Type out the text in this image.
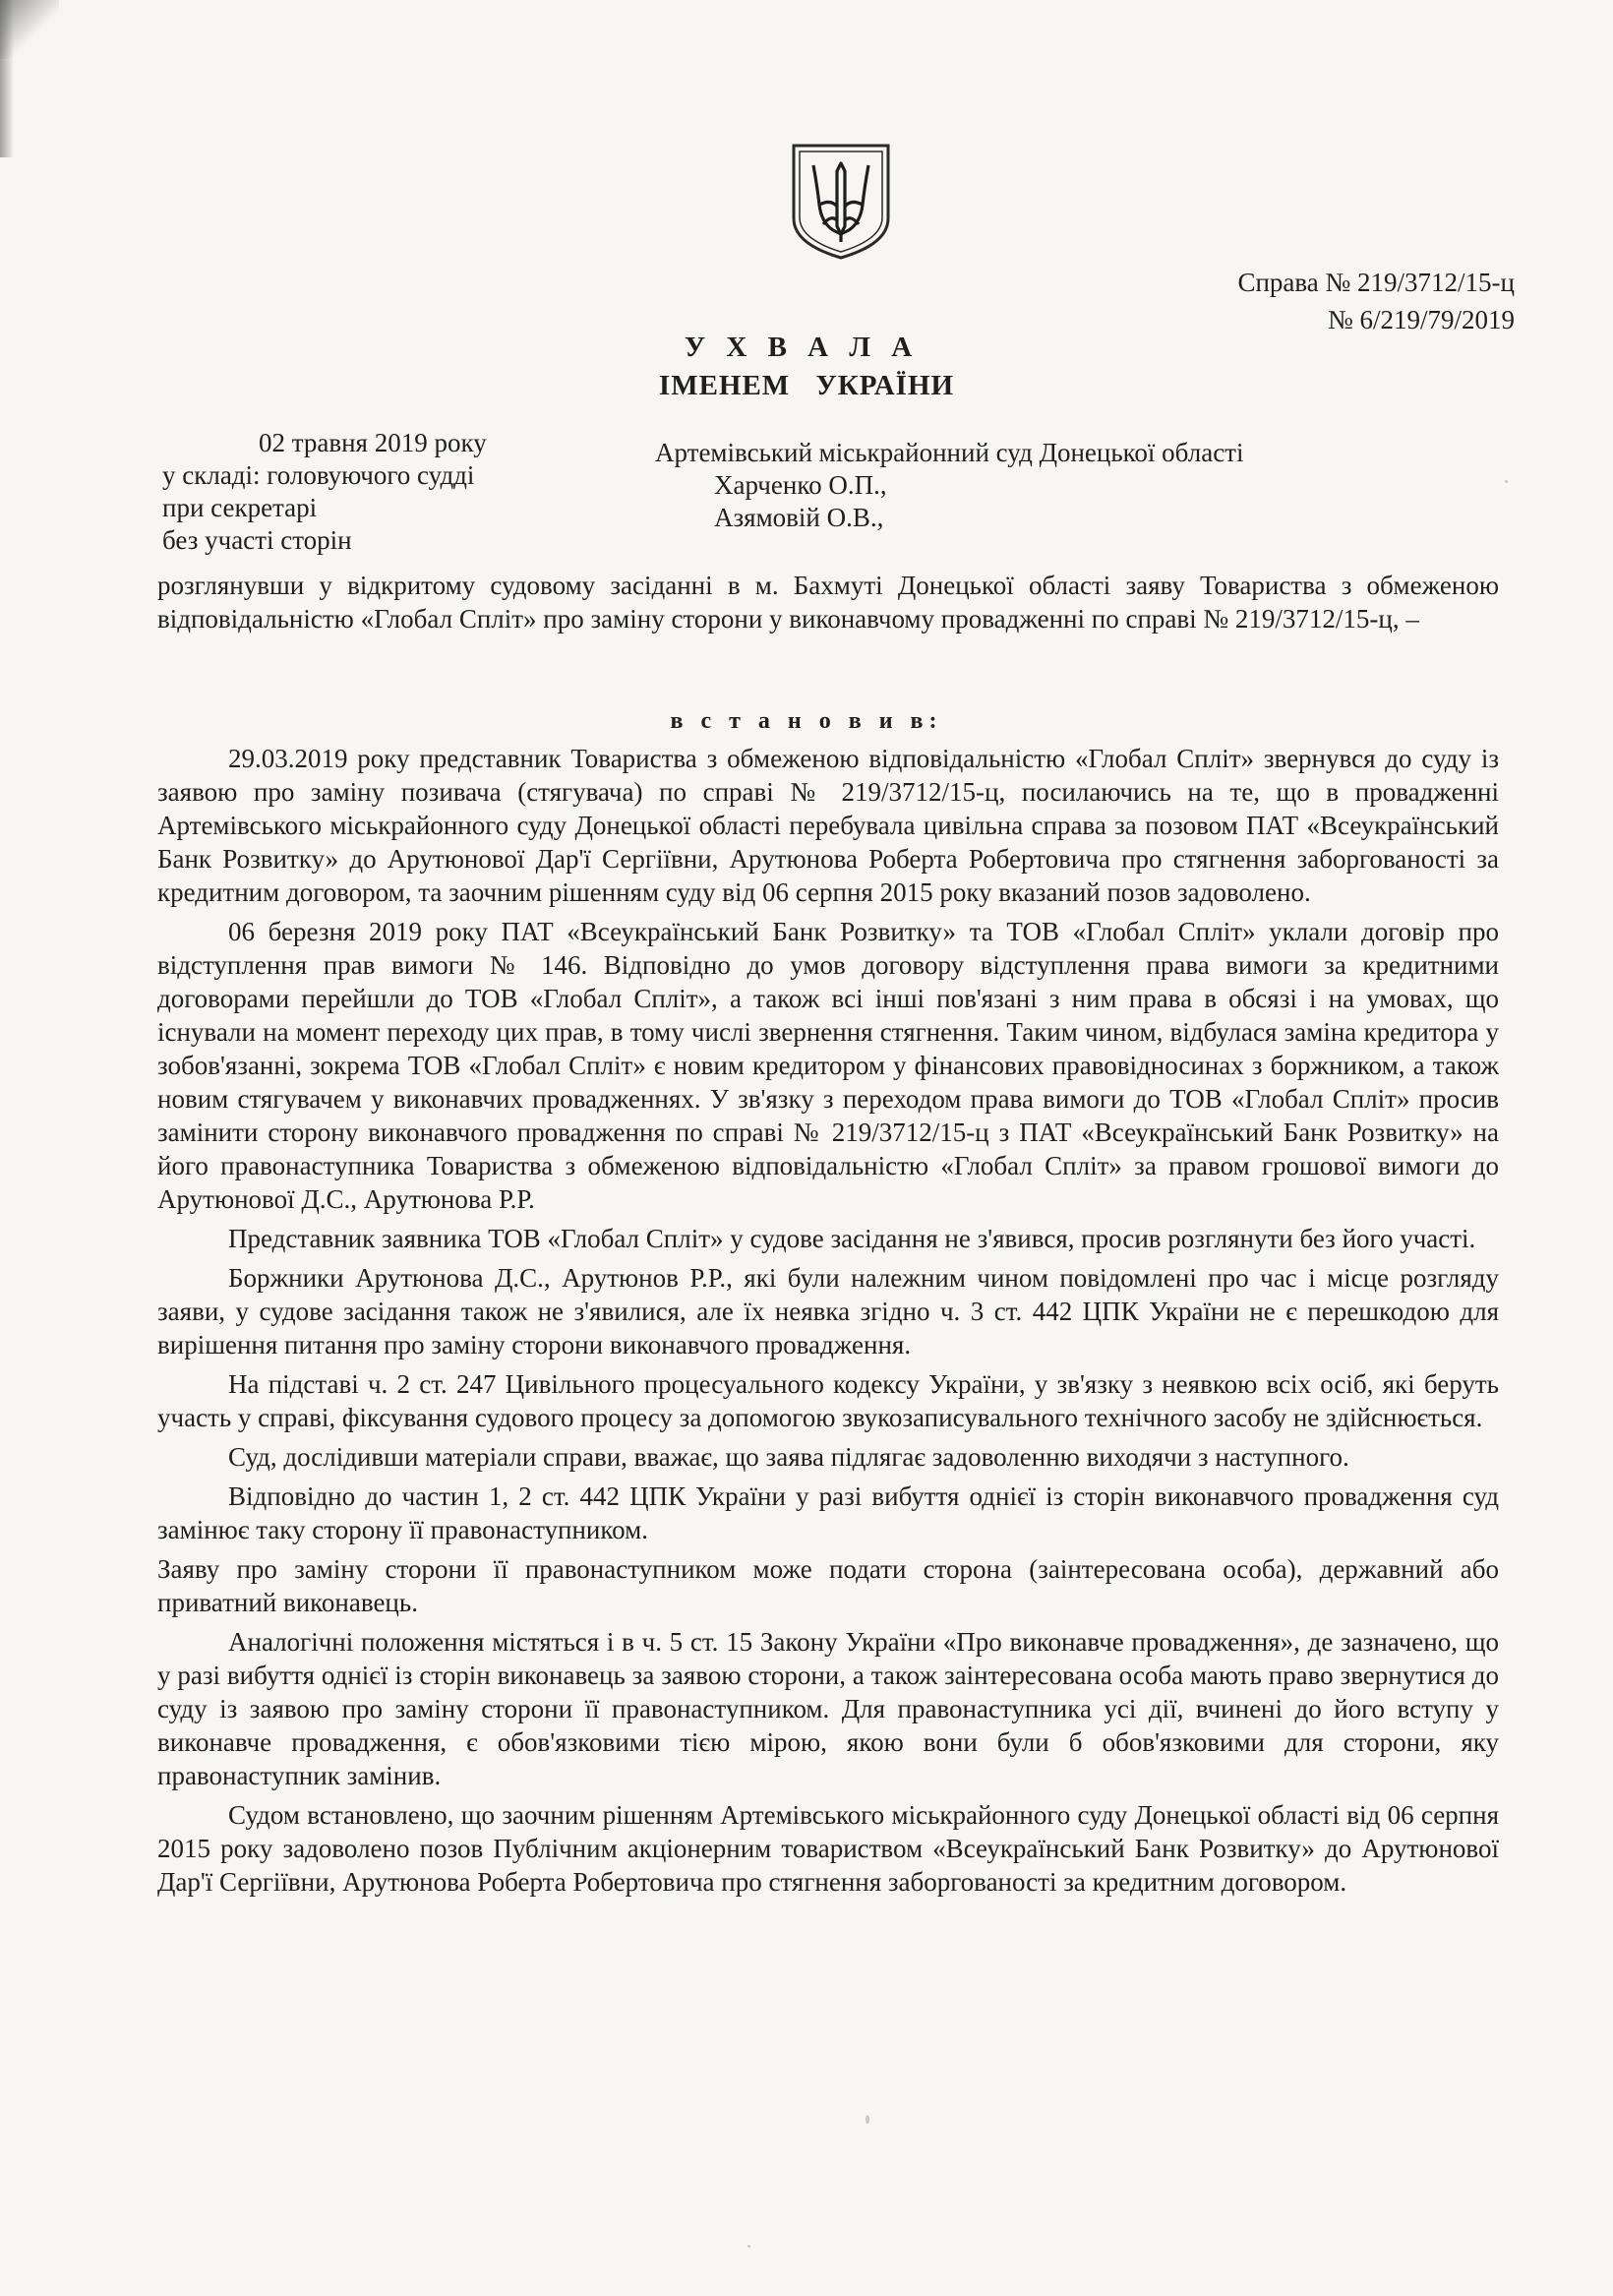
Справа № 219/3712/15-ц
№ 6/219/79/2019
У Х В А Л А
ІМЕНЕМ УКРАЇНИ
02 травня 2019 року
у складі: головуючого судді
при секретарі
без участі сторін
Артемівський міськрайонний суд Донецької області
Харченко О.П.,
Азямовій О.В.,
розглянувши у відкритому судовому засіданні в м. Бахмуті Донецької області заяву Товариства з обмеженою відповідальністю «Глобал Спліт» про заміну сторони у виконавчому провадженні по справі № 219/3712/15-ц, –
в с т а н о в и в:

29.03.2019 року представник Товариства з обмеженою відповідальністю «Глобал Спліт» звернувся до суду із заявою про заміну позивача (стягувача) по справі № 219/3712/15-ц, посилаючись на те, що в провадженні Артемівського міськрайонного суду Донецької області перебувала цивільна справа за позовом ПАТ «Всеукраїнський Банк Розвитку» до Арутюнової Дар'ї Сергіївни, Арутюнова Роберта Робертовича про стягнення заборгованості за кредитним договором, та заочним рішенням суду від 06 серпня 2015 року вказаний позов задоволено.

06 березня 2019 року ПАТ «Всеукраїнський Банк Розвитку» та ТОВ «Глобал Спліт» уклали договір про відступлення прав вимоги № 146. Відповідно до умов договору відступлення права вимоги за кредитними договорами перейшли до ТОВ «Глобал Спліт», а також всі інші пов'язані з ним права в обсязі і на умовах, що існували на момент переходу цих прав, в тому числі звернення стягнення. Таким чином, відбулася заміна кредитора у зобов'язанні, зокрема ТОВ «Глобал Спліт» є новим кредитором у фінансових правовідносинах з боржником, а також новим стягувачем у виконавчих провадженнях. У зв'язку з переходом права вимоги до ТОВ «Глобал Спліт» просив замінити сторону виконавчого провадження по справі № 219/3712/15-ц з ПАТ «Всеукраїнський Банк Розвитку» на його правонаступника Товариства з обмеженою відповідальністю «Глобал Спліт» за правом грошової вимоги до Арутюнової Д.С., Арутюнова Р.Р.

Представник заявника ТОВ «Глобал Спліт» у судове засідання не з'явився, просив розглянути без його участі.

Боржники Арутюнова Д.С., Арутюнов Р.Р., які були належним чином повідомлені про час і місце розгляду заяви, у судове засідання також не з'явилися, але їх неявка згідно ч. 3 ст. 442 ЦПК України не є перешкодою для вирішення питання про заміну сторони виконавчого провадження.

На підставі ч. 2 ст. 247 Цивільного процесуального кодексу України, у зв'язку з неявкою всіх осіб, які беруть участь у справі, фіксування судового процесу за допомогою звукозаписувального технічного засобу не здійснюється.

Суд, дослідивши матеріали справи, вважає, що заява підлягає задоволенню виходячи з наступного.

Відповідно до частин 1, 2 ст. 442 ЦПК України у разі вибуття однієї із сторін виконавчого провадження суд замінює таку сторону її правонаступником.

Заяву про заміну сторони її правонаступником може подати сторона (заінтересована особа), державний або приватний виконавець.

Аналогічні положення містяться і в ч. 5 ст. 15 Закону України «Про виконавче провадження», де зазначено, що у разі вибуття однієї із сторін виконавець за заявою сторони, а також заінтересована особа мають право звернутися до суду із заявою про заміну сторони її правонаступником. Для правонаступника усі дії, вчинені до його вступу у виконавче провадження, є обов'язковими тією мірою, якою вони були б обов'язковими для сторони, яку правонаступник замінив.

Судом встановлено, що заочним рішенням Артемівського міськрайонного суду Донецької області від 06 серпня 2015 року задоволено позов Публічним акціонерним товариством «Всеукраїнський Банк Розвитку» до Арутюнової Дар'ї Сергіївни, Арутюнова Роберта Робертовича про стягнення заборгованості за кредитним договором.
